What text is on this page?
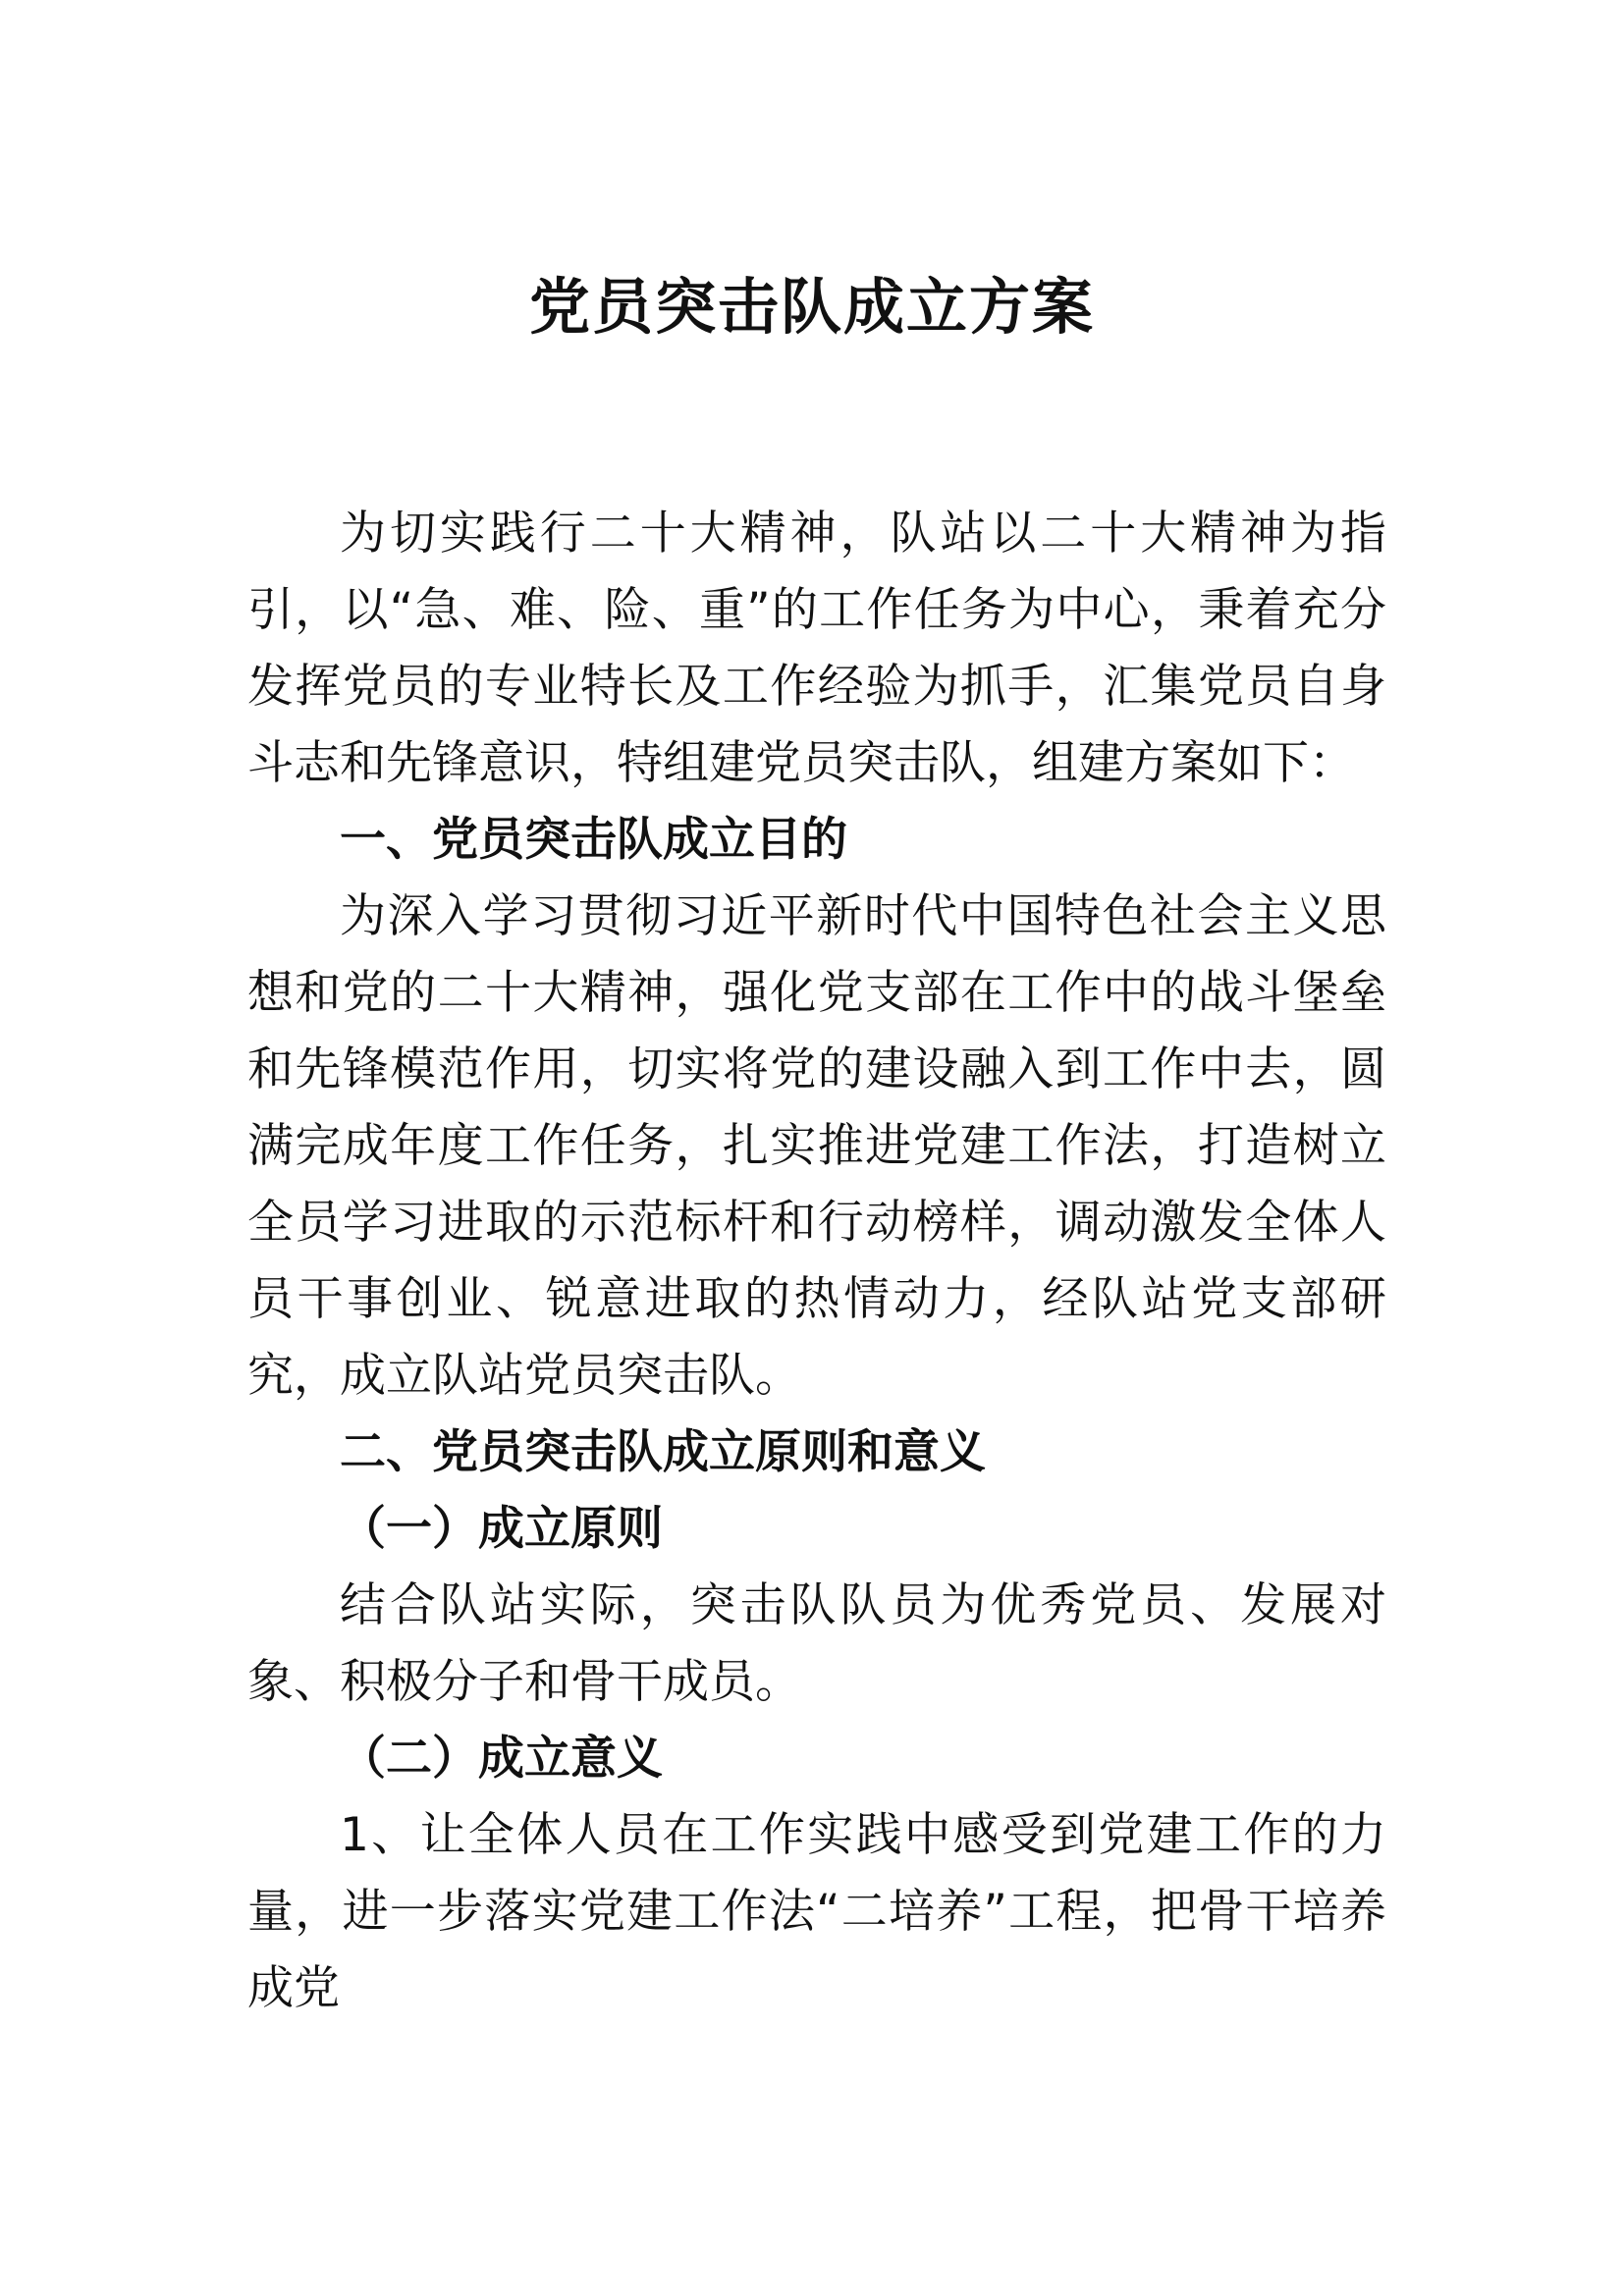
党员突击队成立方案

为切实践行二十大精神，队站以二十大精神为指引，以“急、难、险、重”的工作任务为中心，秉着充分发挥党员的专业特长及工作经验为抓手，汇集党员自身斗志和先锋意识，特组建党员突击队，组建方案如下：

一、党员突击队成立目的

为深入学习贯彻习近平新时代中国特色社会主义思想和党的二十大精神，强化党支部在工作中的战斗堡垒和先锋模范作用，切实将党的建设融入到工作中去，圆满完成年度工作任务，扎实推进党建工作法，打造树立全员学习进取的示范标杆和行动榜样，调动激发全体人员干事创业、锐意进取的热情动力，经队站党支部研究，成立队站党员突击队。

二、党员突击队成立原则和意义

（一）成立原则

结合队站实际，突击队队员为优秀党员、发展对象、积极分子和骨干成员。

（二）成立意义

1、让全体人员在工作实践中感受到党建工作的力量，进一步落实党建工作法“二培养”工程，把骨干培养成党
